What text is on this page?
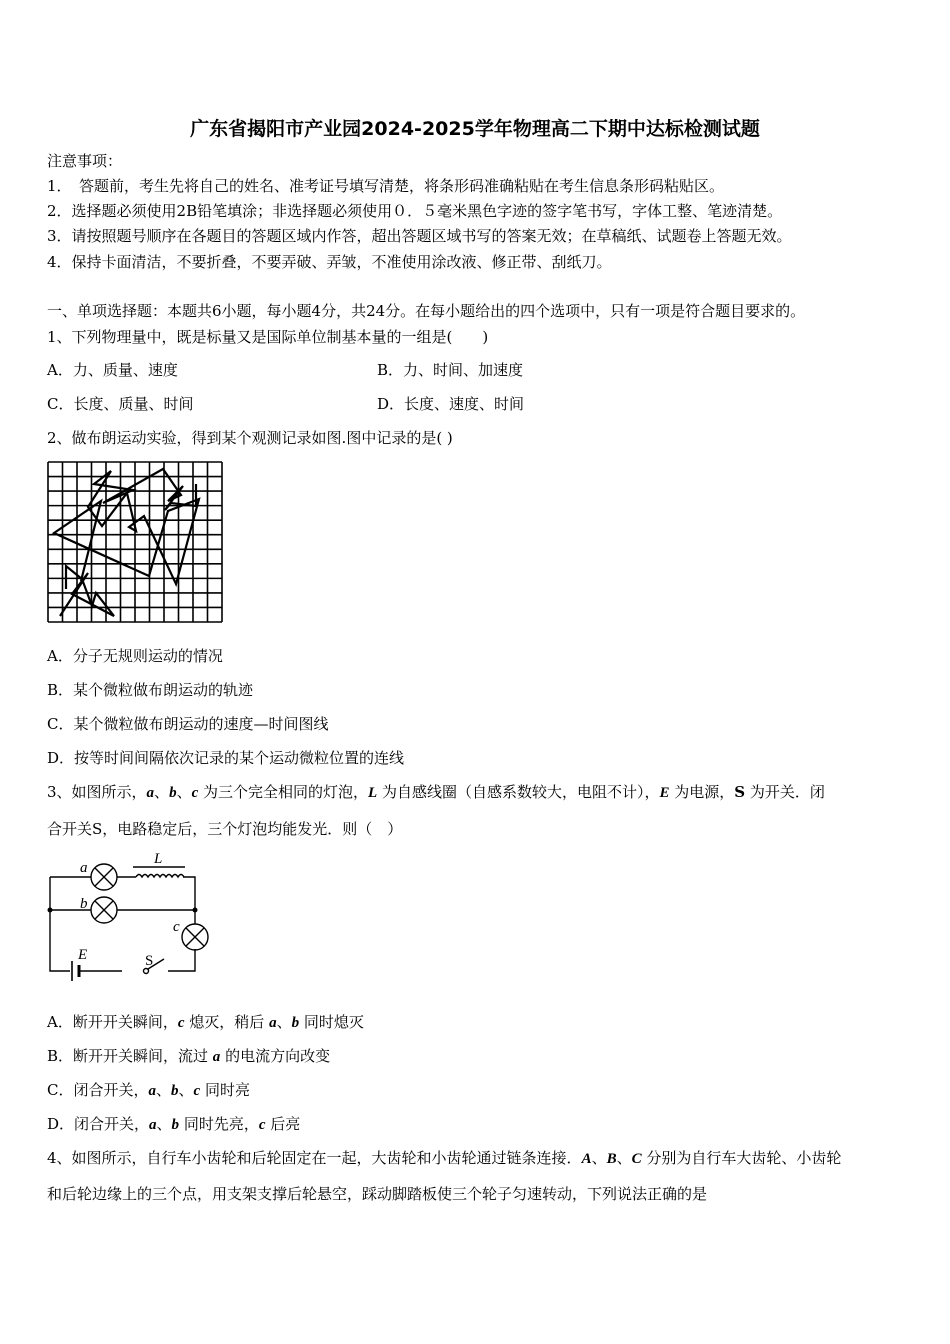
广东省揭阳市产业园2024-2025学年物理高二下期中达标检测试题
注意事项：
1．　答题前，考生先将自己的姓名、准考证号填写清楚，将条形码准确粘贴在考生信息条形码粘贴区。
2．选择题必须使用2B铅笔填涂；非选择题必须使用０．５毫米黑色字迹的签字笔书写，字体工整、笔迹清楚。
3．请按照题号顺序在各题目的答题区域内作答，超出答题区域书写的答案无效；在草稿纸、试题卷上答题无效。
4．保持卡面清洁，不要折叠，不要弄破、弄皱，不准使用涂改液、修正带、刮纸刀。
一、单项选择题：本题共6小题，每小题4分，共24分。在每小题给出的四个选项中，只有一项是符合题目要求的。
1、下列物理量中，既是标量又是国际单位制基本量的一组是(　　)
A．力、质量、速度	B．力、时间、加速度
C．长度、质量、时间	D．长度、速度、时间
2、做布朗运动实验，得到某个观测记录如图.图中记录的是( )
A．分子无规则运动的情况
B．某个微粒做布朗运动的轨迹
C．某个微粒做布朗运动的速度—时间图线
D．按等时间间隔依次记录的某个运动微粒位置的连线
3、如图所示，a、b、c 为三个完全相同的灯泡，L 为自感线圈（自感系数较大，电阻不计），E 为电源，S 为开关．闭
合开关S，电路稳定后，三个灯泡均能发光．则（　）
a
b
c
L
E	S
A．断开开关瞬间，c 熄灭，稍后 a、b 同时熄灭
B．断开开关瞬间，流过 a 的电流方向改变
C．闭合开关，a、b、c 同时亮
D．闭合开关，a、b 同时先亮，c 后亮
4、如图所示，自行车小齿轮和后轮固定在一起，大齿轮和小齿轮通过链条连接．A、B、C 分别为自行车大齿轮、小齿轮
和后轮边缘上的三个点，用支架支撑后轮悬空，踩动脚踏板使三个轮子匀速转动，下列说法正确的是
